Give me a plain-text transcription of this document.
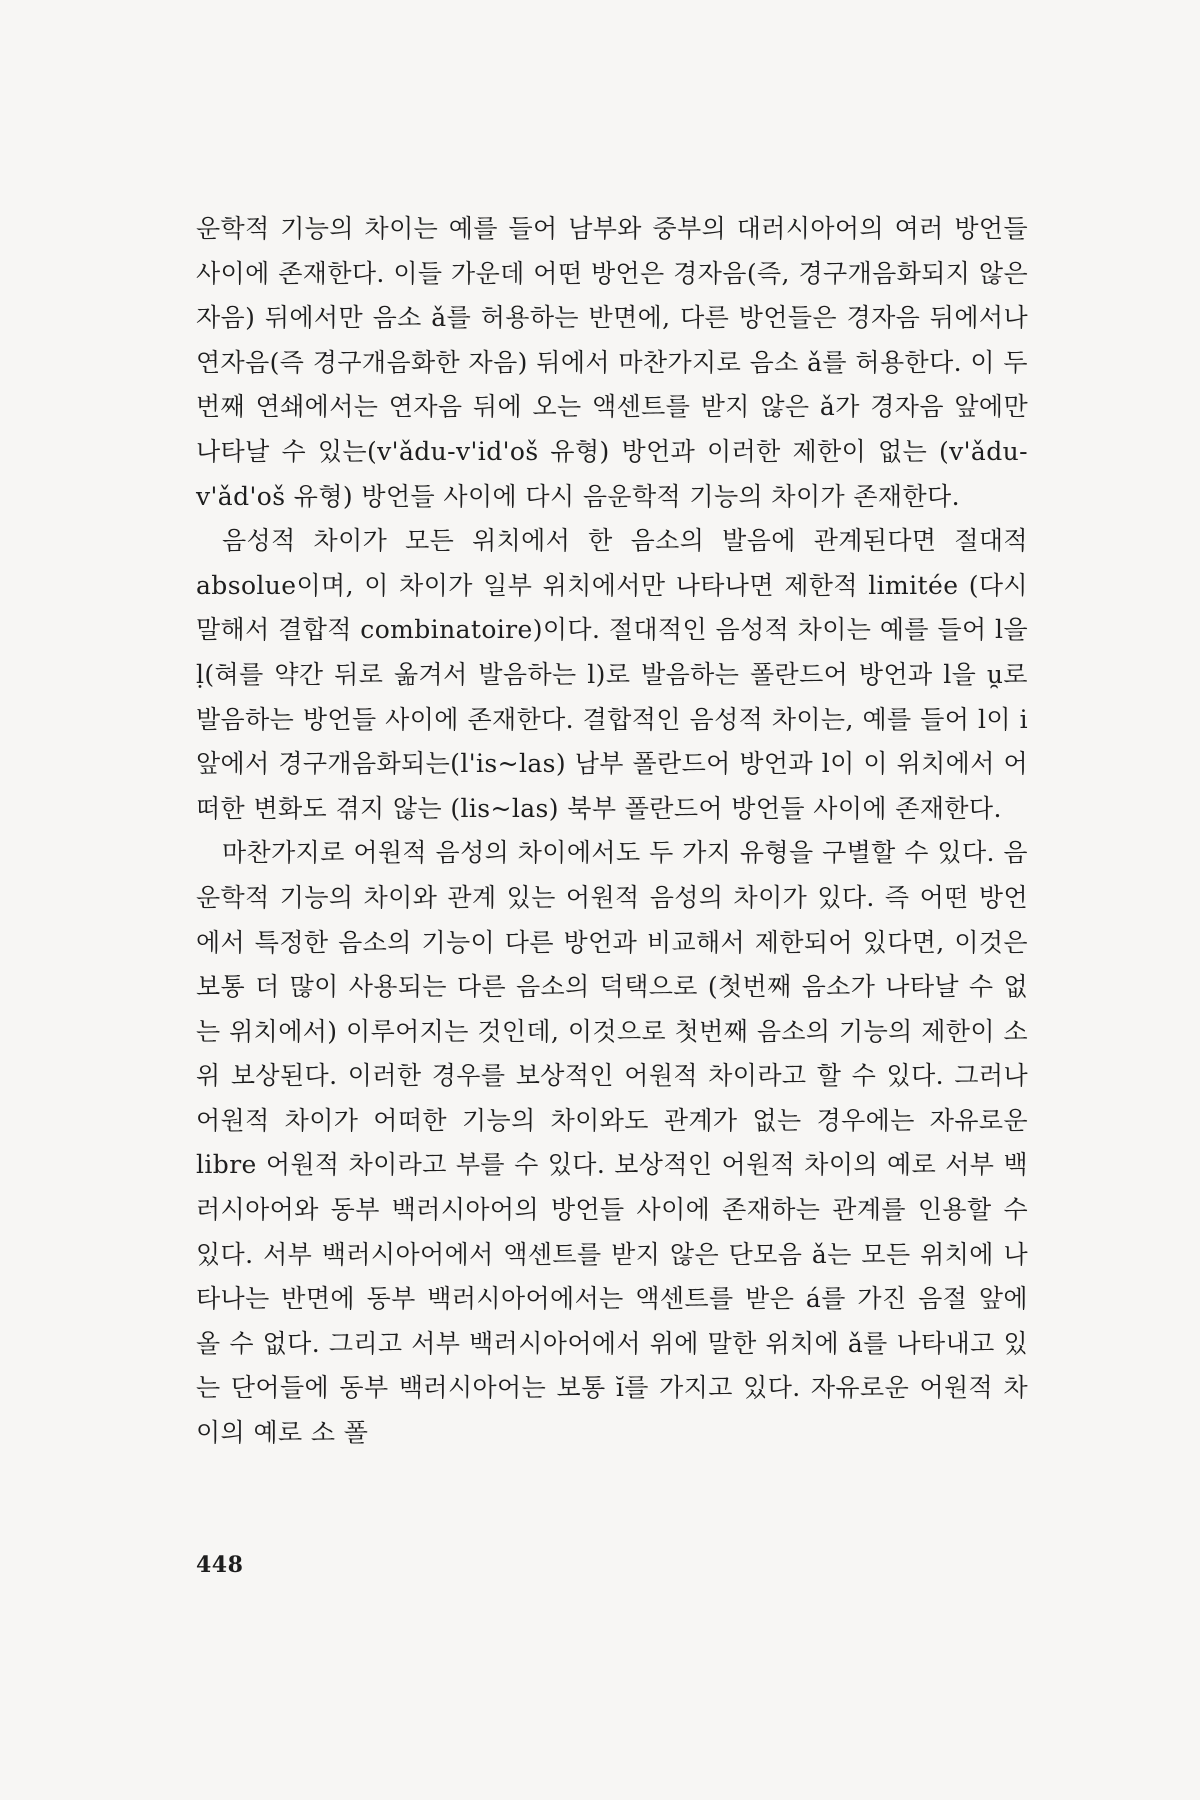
운학적 기능의 차이는 예를 들어 남부와 중부의 대러시아어의 여러 방언들 사이에 존재한다. 이들 가운데 어떤 방언은 경자음(즉, 경구개음화되지 않은 자음) 뒤에서만 음소 ǎ를 허용하는 반면에, 다른 방언들은 경자음 뒤에서나 연자음(즉 경구개음화한 자음) 뒤에서 마찬가지로 음소 ǎ를 허용한다. 이 두번째 연쇄에서는 연자음 뒤에 오는 액센트를 받지 않은 ǎ가 경자음 앞에만 나타날 수 있는(v'ǎdu-v'id'oš 유형) 방언과 이러한 제한이 없는 (v'ǎdu-v'ǎd'oš 유형) 방언들 사이에 다시 음운학적 기능의 차이가 존재한다.

음성적 차이가 모든 위치에서 한 음소의 발음에 관계된다면 절대적 absolue이며, 이 차이가 일부 위치에서만 나타나면 제한적 limitée (다시 말해서 결합적 combinatoire)이다. 절대적인 음성적 차이는 예를 들어 l을 ḷ(혀를 약간 뒤로 옮겨서 발음하는 l)로 발음하는 폴란드어 방언과 l을 u̯로 발음하는 방언들 사이에 존재한다. 결합적인 음성적 차이는, 예를 들어 l이 i 앞에서 경구개음화되는(l'is~las) 남부 폴란드어 방언과 l이 이 위치에서 어떠한 변화도 겪지 않는 (lis~las) 북부 폴란드어 방언들 사이에 존재한다.

마찬가지로 어원적 음성의 차이에서도 두 가지 유형을 구별할 수 있다. 음운학적 기능의 차이와 관계 있는 어원적 음성의 차이가 있다. 즉 어떤 방언에서 특정한 음소의 기능이 다른 방언과 비교해서 제한되어 있다면, 이것은 보통 더 많이 사용되는 다른 음소의 덕택으로 (첫번째 음소가 나타날 수 없는 위치에서) 이루어지는 것인데, 이것으로 첫번째 음소의 기능의 제한이 소위 보상된다. 이러한 경우를 보상적인 어원적 차이라고 할 수 있다. 그러나 어원적 차이가 어떠한 기능의 차이와도 관계가 없는 경우에는 자유로운 libre 어원적 차이라고 부를 수 있다. 보상적인 어원적 차이의 예로 서부 백러시아어와 동부 백러시아어의 방언들 사이에 존재하는 관계를 인용할 수 있다. 서부 백러시아어에서 액센트를 받지 않은 단모음 ǎ는 모든 위치에 나타나는 반면에 동부 백러시아어에서는 액센트를 받은 á를 가진 음절 앞에 올 수 없다. 그리고 서부 백러시아어에서 위에 말한 위치에 ǎ를 나타내고 있는 단어들에 동부 백러시아어는 보통 ĭ를 가지고 있다. 자유로운 어원적 차이의 예로 소 폴

448
